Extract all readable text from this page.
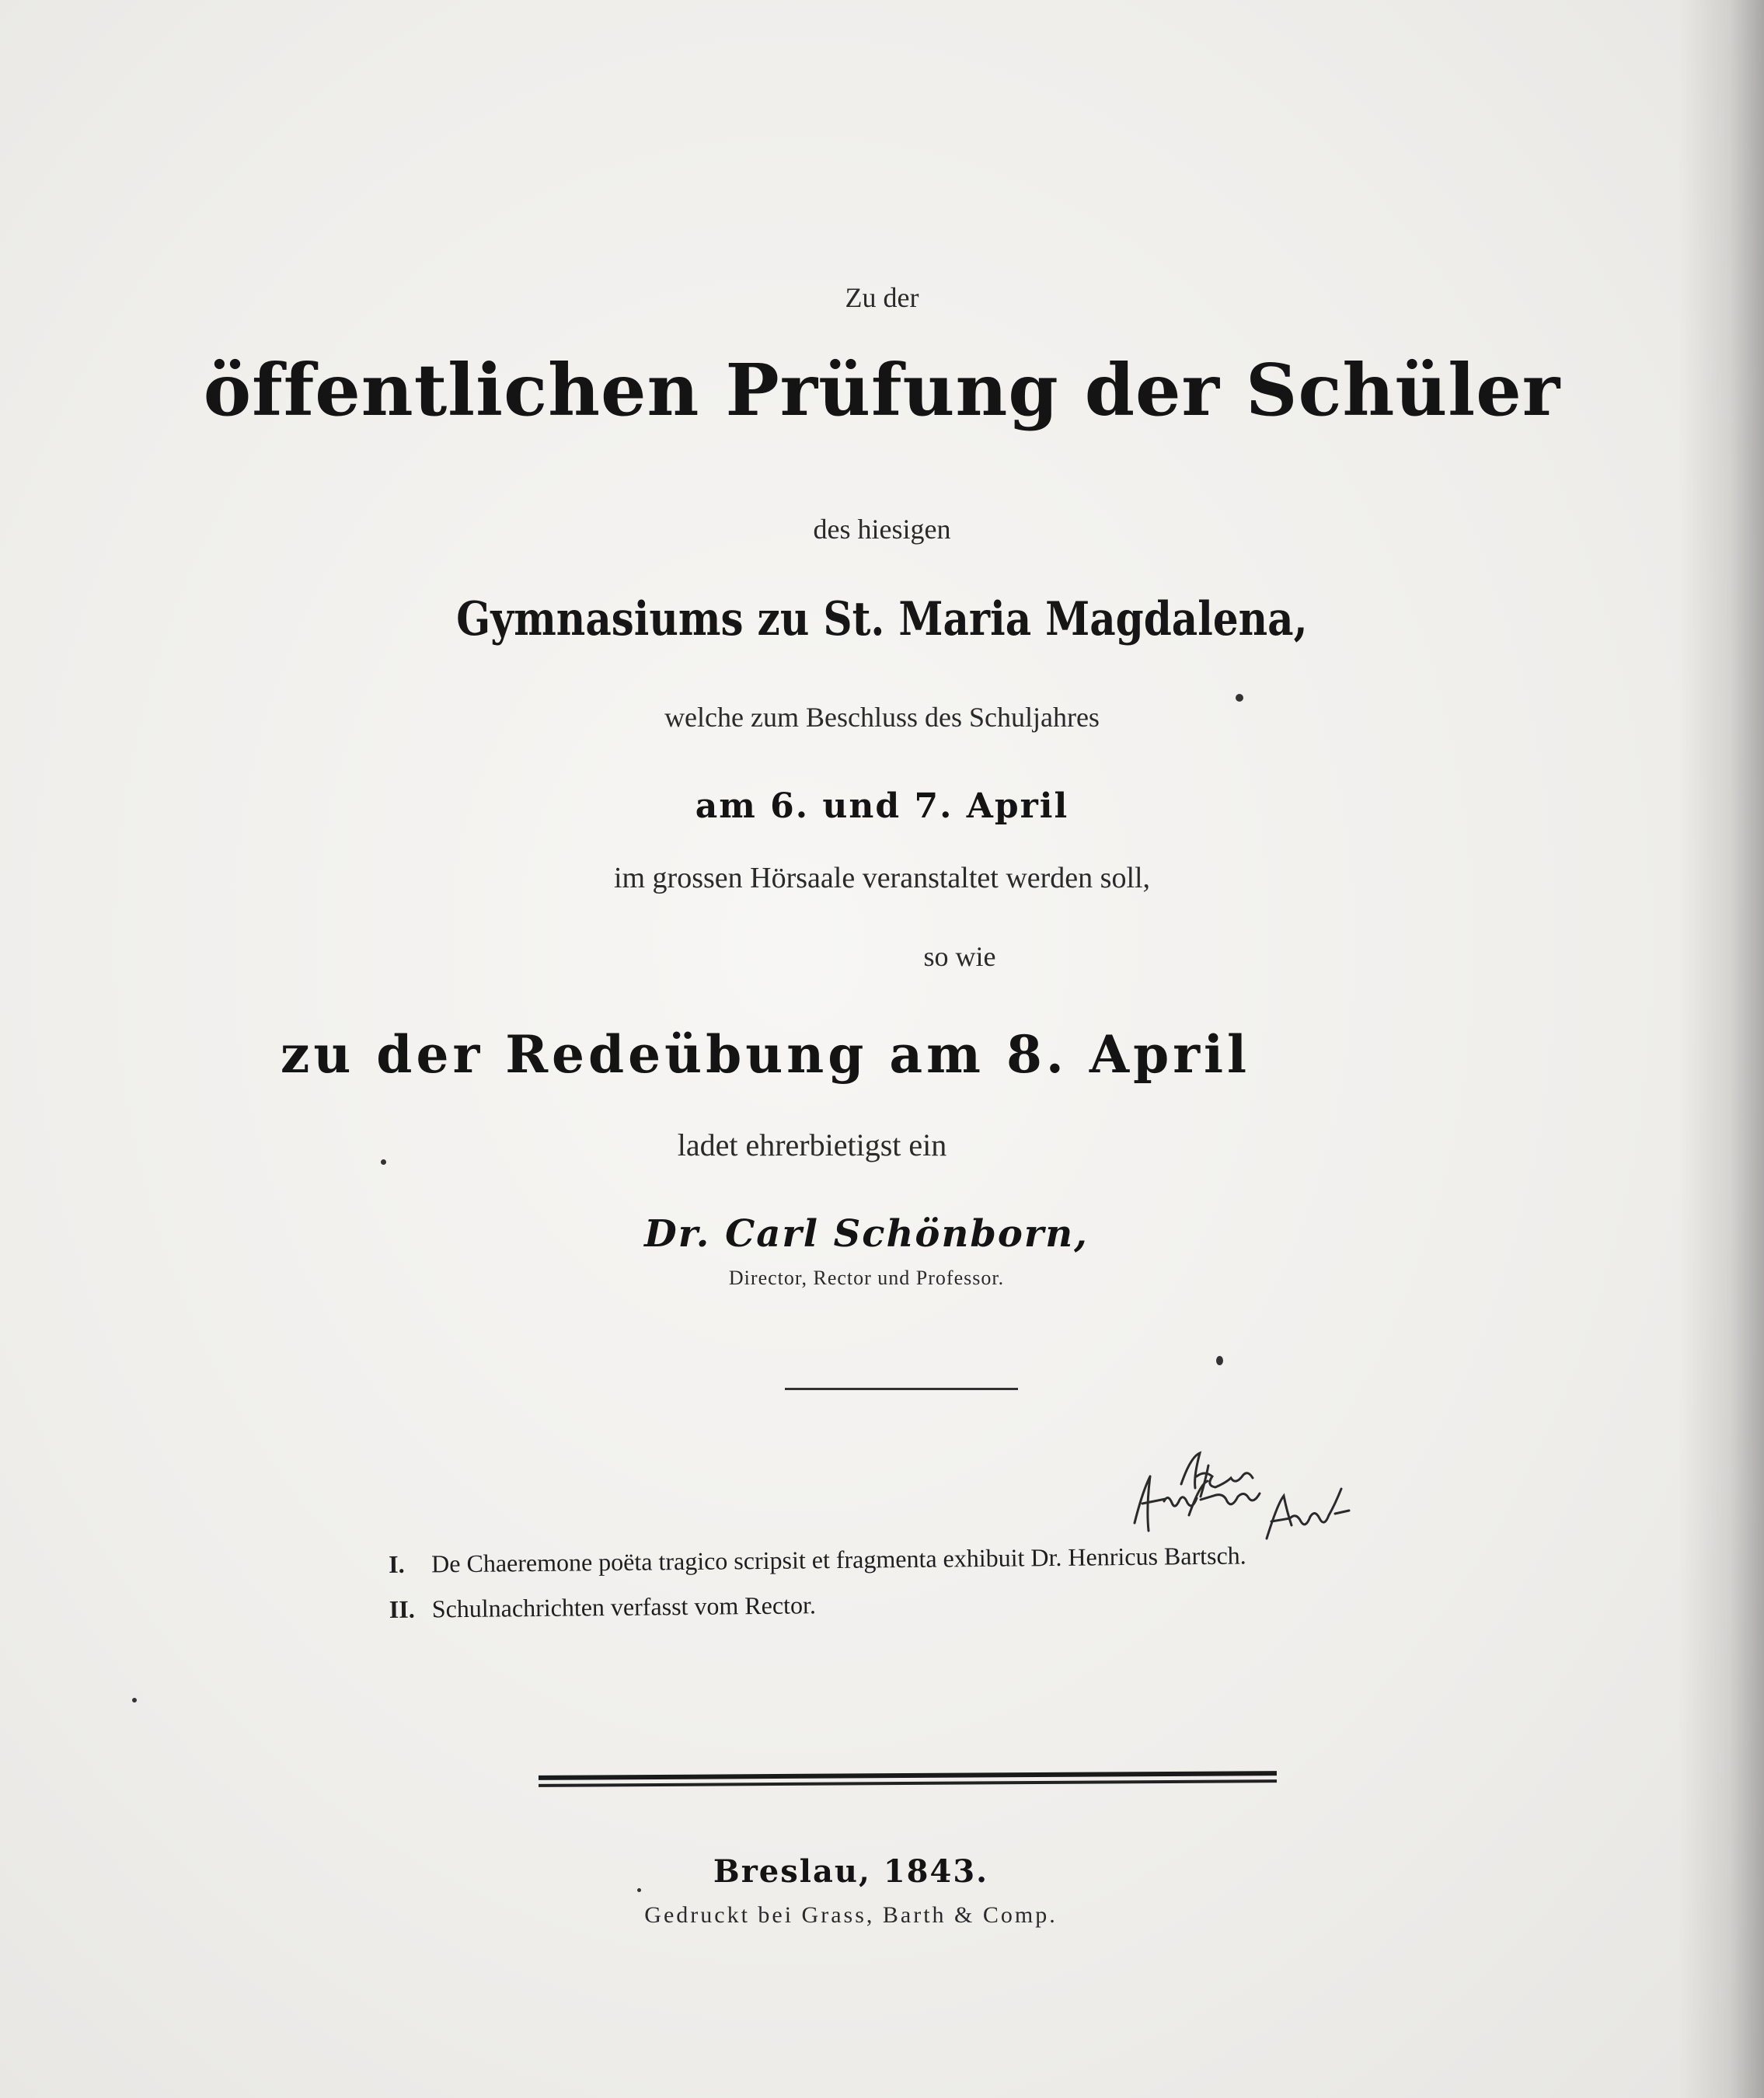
Zu der
öffentlichen Prüfung der Schüler
des hiesigen
Gymnasiums zu St. Maria Magdalena,
welche zum Beschluss des Schuljahres
am 6. und 7. April
im grossen Hörsaale veranstaltet werden soll,
so wie
zu der Redeübung am 8. April
ladet ehrerbietigst ein
Dr. Carl Schönborn,
Director, Rector und Professor.
I.	De Chaeremone poëta tragico scripsit et fragmenta exhibuit Dr. Henricus Bartsch.
II. Schulnachrichten verfasst vom Rector.
Breslau, 1843.
Gedruckt bei Grass, Barth & Comp.
